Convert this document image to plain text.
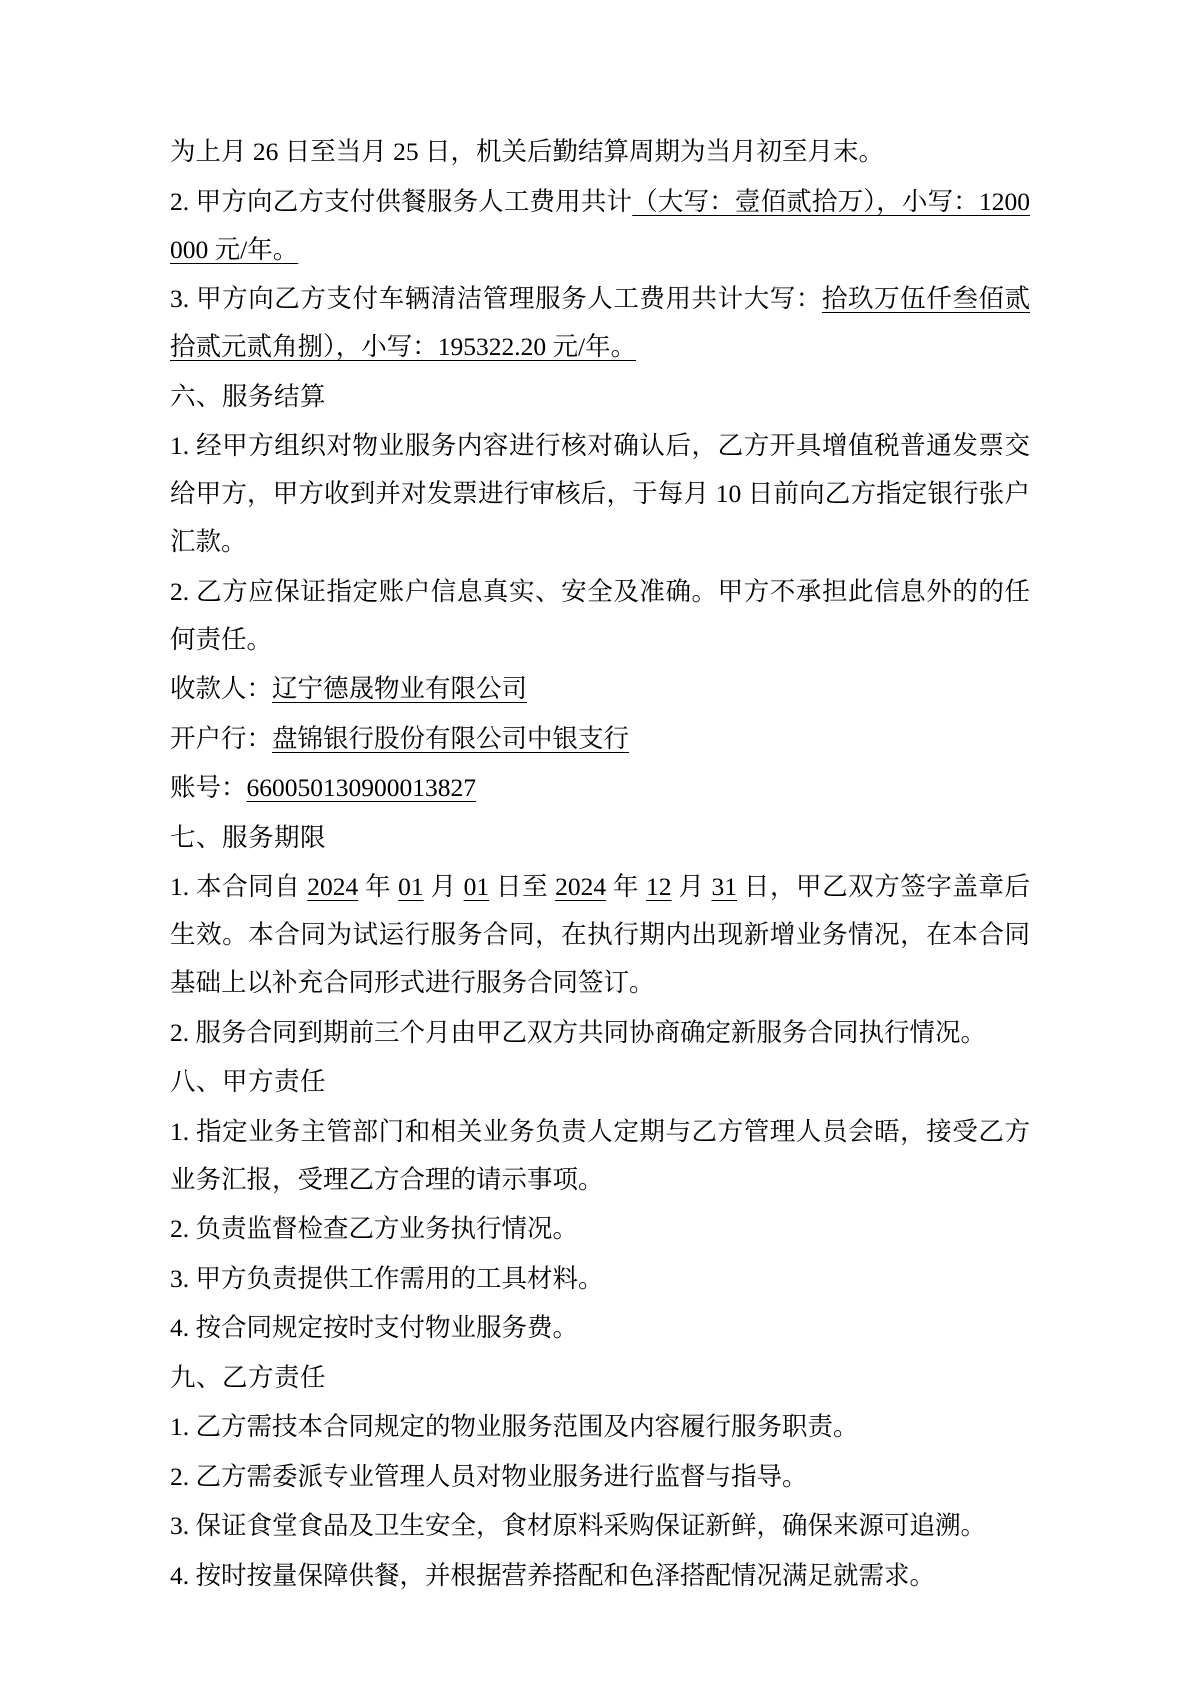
为上月 26 日至当月 25 日，机关后勤结算周期为当月初至月末。

2. 甲方向乙方支付供餐服务人工费用共计（大写：壹佰贰拾万），小写：1200000 元/年。

3. 甲方向乙方支付车辆清洁管理服务人工费用共计大写：拾玖万伍仟叁佰贰拾贰元贰角捌），小写：195322.20 元/年。

六、服务结算

1. 经甲方组织对物业服务内容进行核对确认后，乙方开具增值税普通发票交给甲方，甲方收到并对发票进行审核后，于每月 10 日前向乙方指定银行张户汇款。

2. 乙方应保证指定账户信息真实、安全及准确。甲方不承担此信息外的的任何责任。

收款人：辽宁德晟物业有限公司

开户行：盘锦银行股份有限公司中银支行

账号：660050130900013827

七、服务期限

1. 本合同自 2024 年 01 月 01 日至 2024 年 12 月 31 日，甲乙双方签字盖章后生效。本合同为试运行服务合同，在执行期内出现新增业务情况，在本合同基础上以补充合同形式进行服务合同签订。

2. 服务合同到期前三个月由甲乙双方共同协商确定新服务合同执行情况。

八、甲方责任

1. 指定业务主管部门和相关业务负责人定期与乙方管理人员会晤，接受乙方业务汇报，受理乙方合理的请示事项。

2. 负责监督检查乙方业务执行情况。

3. 甲方负责提供工作需用的工具材料。

4. 按合同规定按时支付物业服务费。

九、乙方责任

1. 乙方需技本合同规定的物业服务范围及内容履行服务职责。

2. 乙方需委派专业管理人员对物业服务进行监督与指导。

3. 保证食堂食品及卫生安全，食材原料采购保证新鲜，确保来源可追溯。

4. 按时按量保障供餐，并根据营养搭配和色泽搭配情况满足就需求。
